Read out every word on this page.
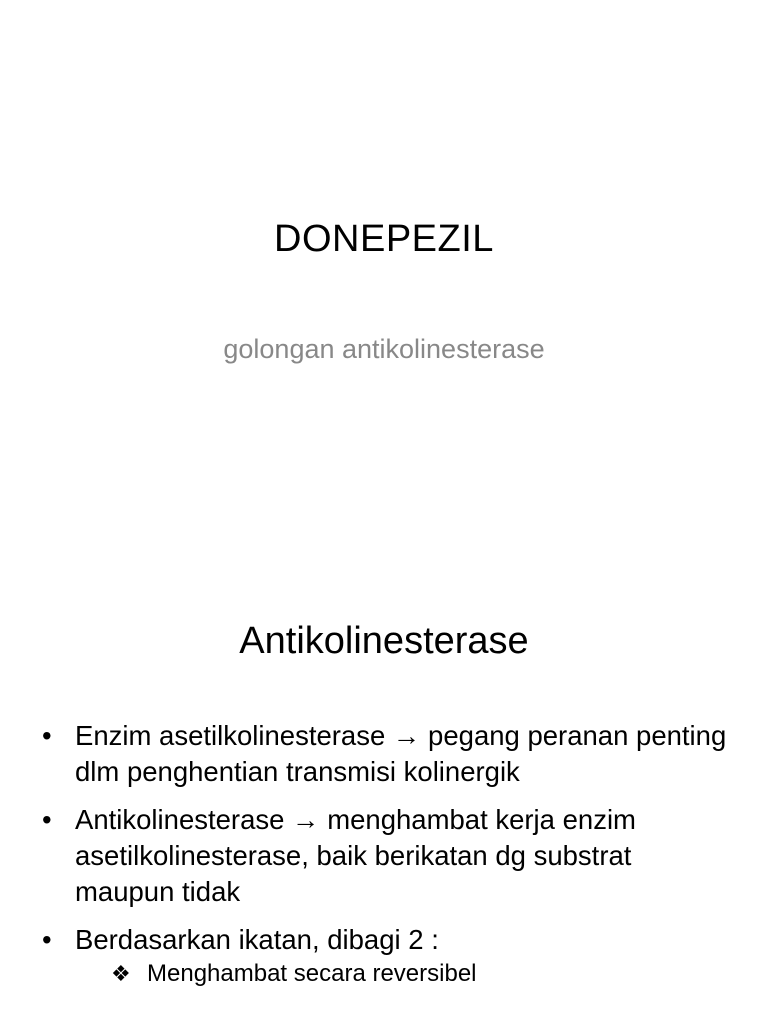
DONEPEZIL
golongan antikolinesterase
Antikolinesterase
• Enzim asetilkolinesterase → pegang peranan penting dlm penghentian transmisi kolinergik
• Antikolinesterase → menghambat kerja enzim asetilkolinesterase, baik berikatan dg substrat maupun tidak
• Berdasarkan ikatan, dibagi 2 :
❖ Menghambat secara reversibel
